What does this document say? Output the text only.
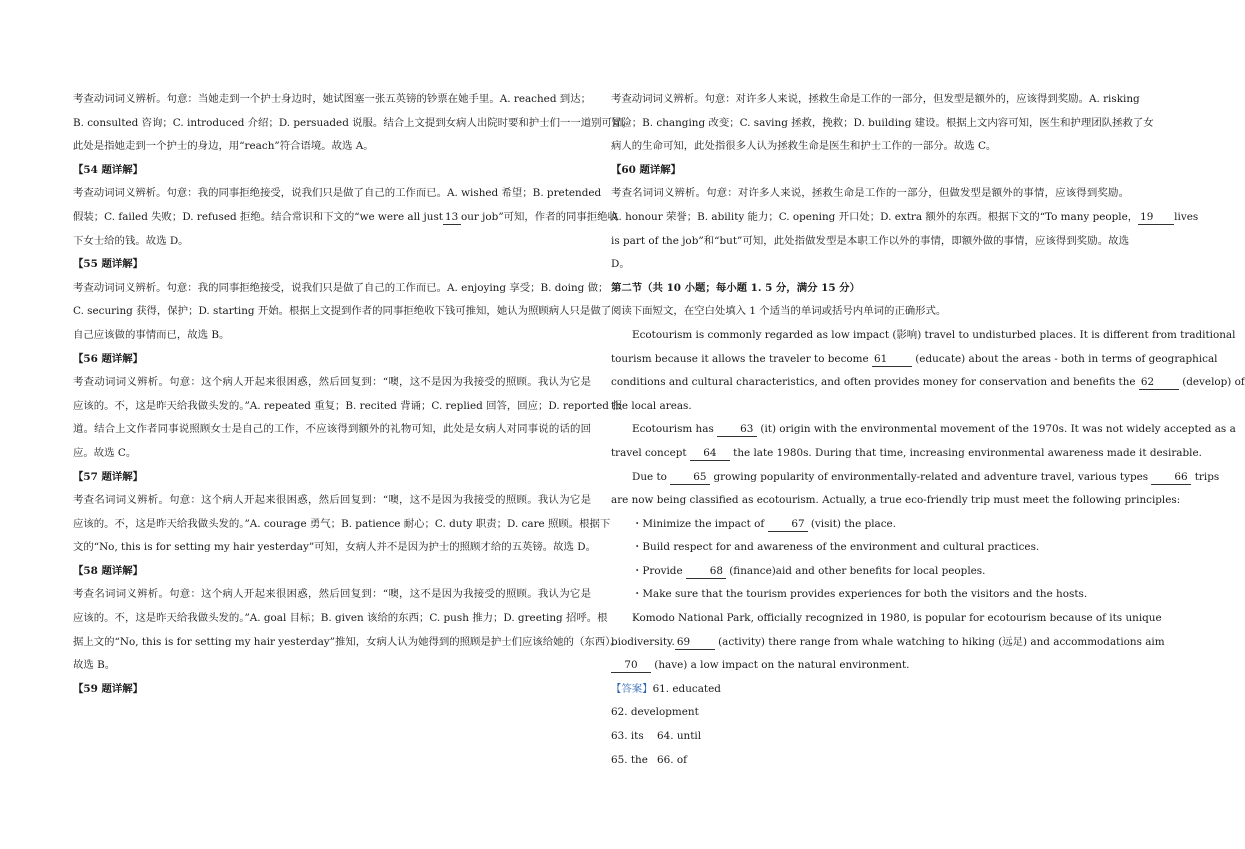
考查动词词义辨析。句意：当她走到一个护士身边时，她试图塞一张五英镑的钞票在她手里。A. reached 到达；
B. consulted 咨询；C. introduced 介绍；D. persuaded 说服。结合上文提到女病人出院时要和护士们一一道别可知，
此处是指她走到一个护士的身边，用“reach”符合语境。故选 A。
【54 题详解】
考查动词词义辨析。句意：我的同事拒绝接受，说我们只是做了自己的工作而已。A. wished 希望；B. pretended
假装；C. failed 失败；D. refused 拒绝。结合常识和下文的“we were all just 13 our job”可知，作者的同事拒绝收
下女士给的钱。故选 D。
【55 题详解】
考查动词词义辨析。句意：我的同事拒绝接受，说我们只是做了自己的工作而已。A. enjoying 享受；B. doing 做；
C. securing 获得，保护；D. starting 开始。根据上文提到作者的同事拒绝收下钱可推知，她认为照顾病人只是做了
自己应该做的事情而已，故选 B。
【56 题详解】
考查动词词义辨析。句意：这个病人开起来很困惑，然后回复到：“噢，这不是因为我接受的照顾。我认为它是
应该的。不，这是昨天给我做头发的。”A. repeated 重复；B. recited 背诵；C. replied 回答，回应；D. reported 报
道。结合上文作者同事说照顾女士是自己的工作，不应该得到额外的礼物可知，此处是女病人对同事说的话的回
应。故选 C。
【57 题详解】
考查名词词义辨析。句意：这个病人开起来很困惑，然后回复到：“噢，这不是因为我接受的照顾。我认为它是
应该的。不，这是昨天给我做头发的。”A. courage 勇气；B. patience 耐心；C. duty 职责；D. care 照顾。根据下
文的“No, this is for setting my hair yesterday”可知，女病人并不是因为护士的照顾才给的五英镑。故选 D。
【58 题详解】
考查名词词义辨析。句意：这个病人开起来很困惑，然后回复到：“噢，这不是因为我接受的照顾。我认为它是
应该的。不，这是昨天给我做头发的。”A. goal 目标；B. given 该给的东西；C. push 推力；D. greeting 招呼。根
据上文的“No, this is for setting my hair yesterday”推知，女病人认为她得到的照顾是护士们应该给她的（东西）。
故选 B。
【59 题详解】
考查动词词义辨析。句意：对许多人来说，拯救生命是工作的一部分，但发型是额外的，应该得到奖励。A. risking
冒险；B. changing 改变；C. saving 拯救，挽救；D. building 建设。根据上文内容可知，医生和护理团队拯救了女
病人的生命可知，此处指很多人认为拯救生命是医生和护士工作的一部分。故选 C。
【60 题详解】
考查名词词义辨析。句意：对许多人来说，拯救生命是工作的一部分，但做发型是额外的事情，应该得到奖励。
A. honour 荣誉；B. ability 能力；C. opening 开口处；D. extra 额外的东西。根据下文的“To many people， 19 lives
is part of the job”和“but”可知，此处指做发型是本职工作以外的事情，即额外做的事情，应该得到奖励。故选
D。
第二节（共 10 小题；每小题 1. 5 分，满分 15 分）
阅读下面短文，在空白处填入 1 个适当的单词或括号内单词的正确形式。
Ecotourism is commonly regarded as low impact (影响) travel to undisturbed places. It is different from traditional
tourism because it allows the traveler to become 61 (educate) about the areas - both in terms of geographical
conditions and cultural characteristics, and often provides money for conservation and benefits the 62 (develop) of
the local areas.
Ecotourism has 63 (it) origin with the environmental movement of the 1970s. It was not widely accepted as a
travel concept 64 the late 1980s. During that time, increasing environmental awareness made it desirable.
Due to 65 growing popularity of environmentally-related and adventure travel, various types 66 trips
are now being classified as ecotourism. Actually, a true eco-friendly trip must meet the following principles:
・Minimize the impact of 67 (visit) the place.
・Build respect for and awareness of the environment and cultural practices.
・Provide 68 (finance)aid and other benefits for local peoples.
・Make sure that the tourism provides experiences for both the visitors and the hosts.
Komodo National Park, officially recognized in 1980, is popular for ecotourism because of its unique
biodiversity. 69 (activity) there range from whale watching to hiking (远足) and accommodations aim
70 (have) a low impact on the natural environment.
【答案】61. educated
62. development
63. its 64. until
65. the 66. of
